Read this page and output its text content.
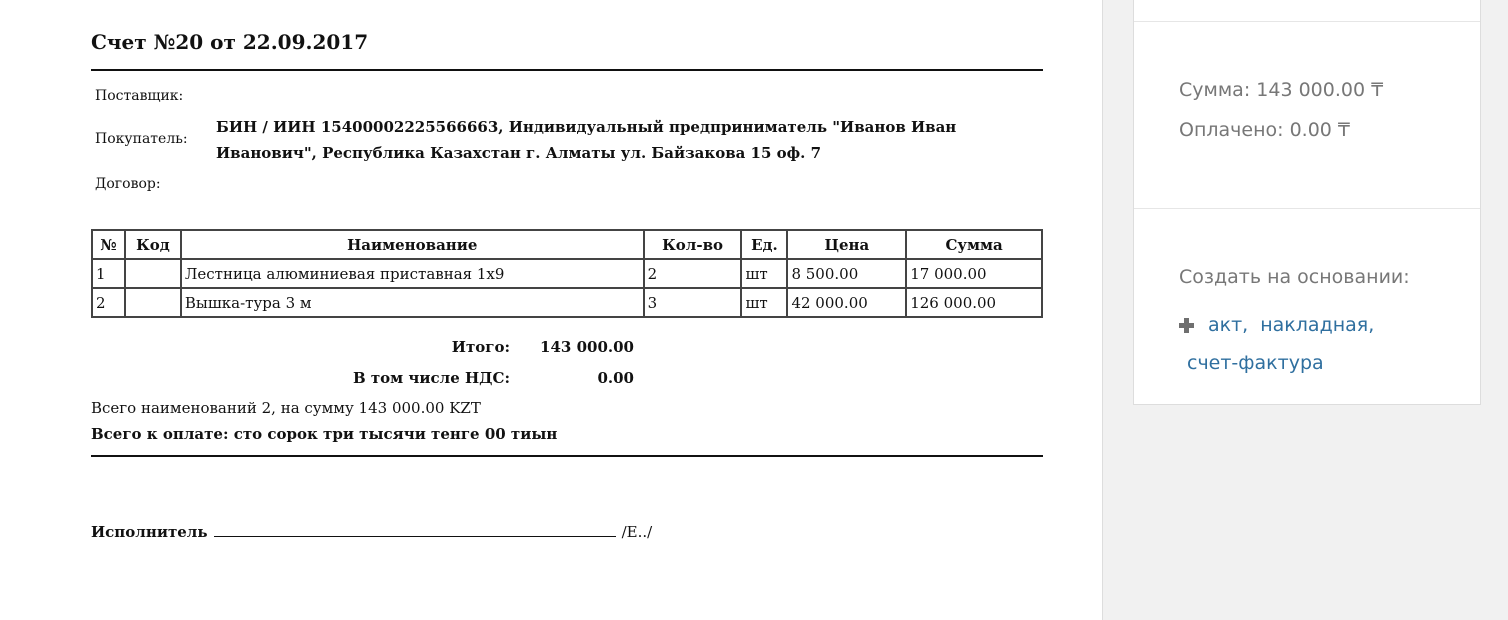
Счет №20 от 22.09.2017
Поставщик:
Покупатель:
БИН / ИИН 15400002225566663, Индивидуальный предприниматель "Иванов Иван Иванович", Республика Казахстан г. Алматы ул. Байзакова 15 оф. 7
Договор:
№	Код	Наименование	Кол-во	Ед.	Цена	Сумма
1		Лестница алюминиевая приставная 1х9	2	шт	8 500.00	17 000.00
2		Вышка-тура 3 м	3	шт	42 000.00	126 000.00
Итого: 143 000.00
В том числе НДС:	0.00
Всего наименований 2, на сумму 143 000.00 KZT
Всего к оплате: сто сорок три тысячи тенге 00 тиын
Исполнитель	/Е../
Сумма: 143 000.00 ₸
Оплачено: 0.00 ₸
Создать на основании:
акт, накладная,
счет-фактура
